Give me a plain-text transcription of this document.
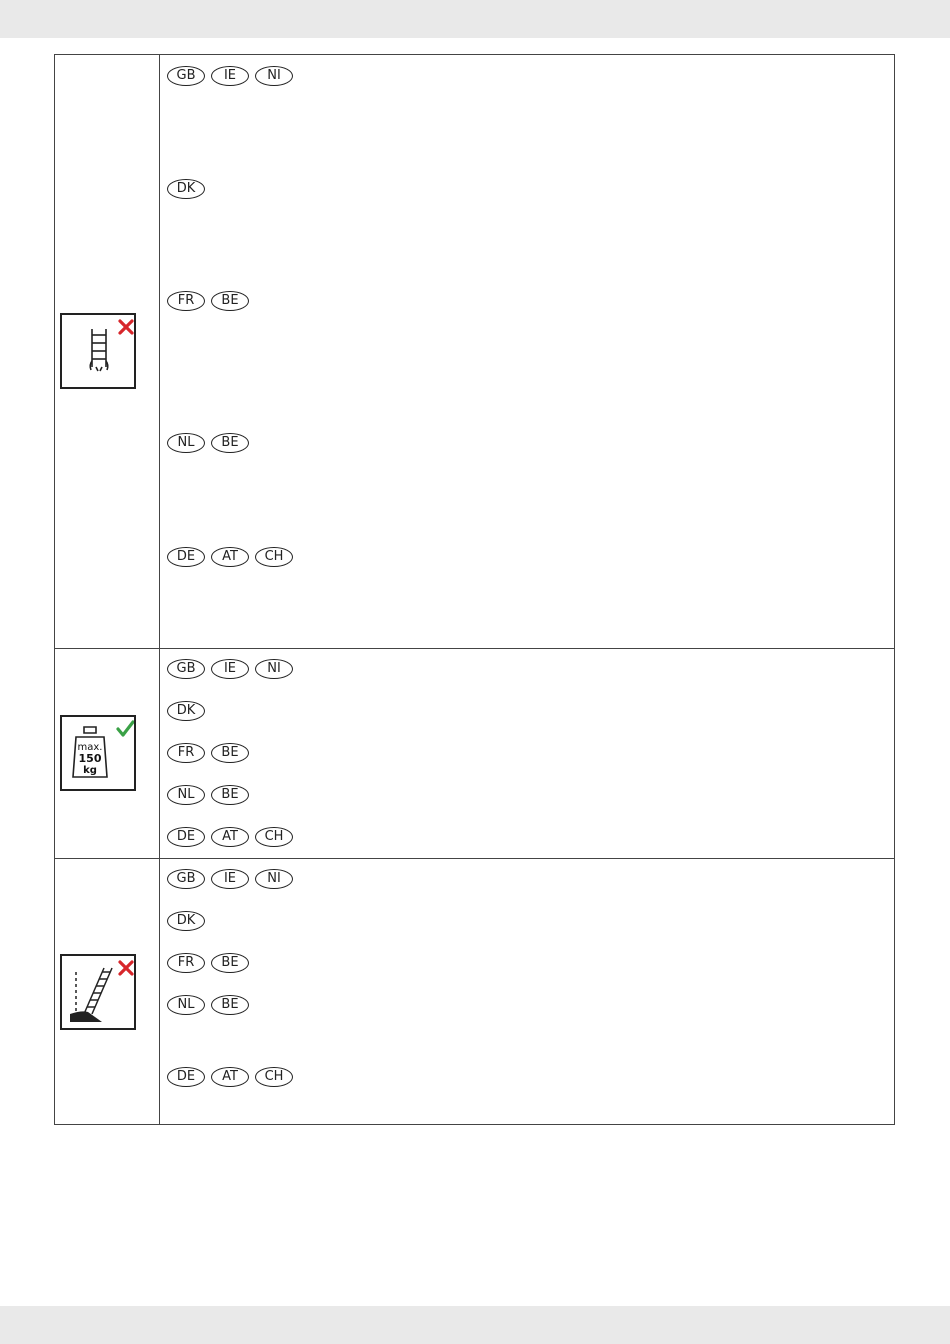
max.
150
kg
GB	IE	NI
DK
FR	BE
NL	BE
DE	AT	CH
GB	IE	NI
DK
FR	BE
NL	BE
DE	AT	CH
GB	IE	NI
DK
FR	BE
NL	BE
DE	AT	CH
